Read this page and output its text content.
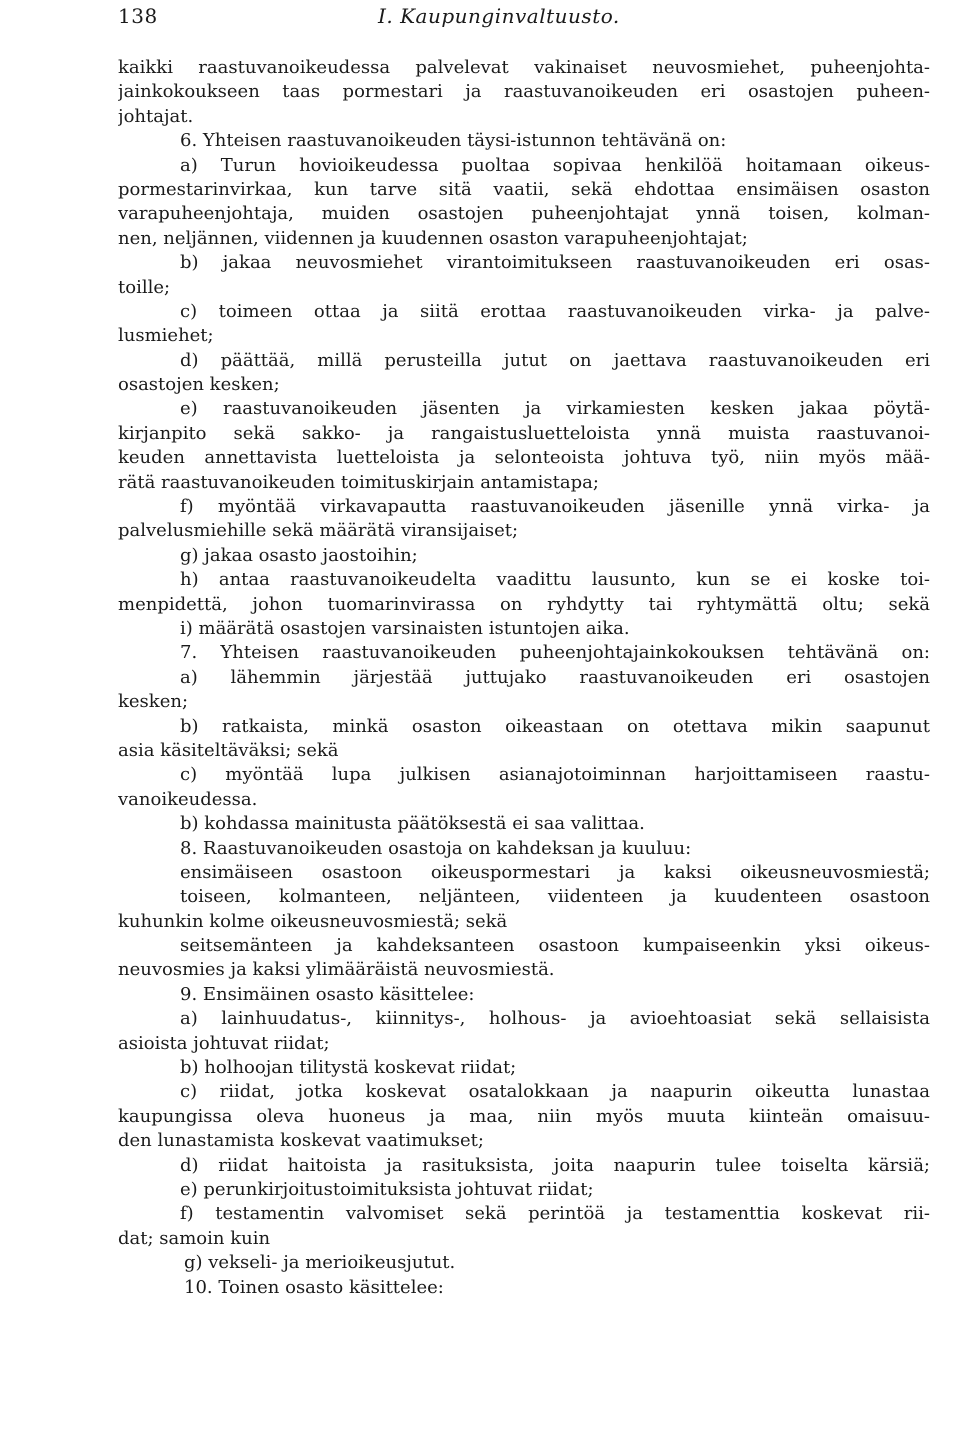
138	I. Kaupunginvaltuusto.
kaikki raastuvanoikeudessa palvelevat vakinaiset neuvosmiehet, puheenjohta-
jainkokoukseen taas pormestari ja raastuvanoikeuden eri osastojen puheen-
johtajat.
6. Yhteisen raastuvanoikeuden täysi-istunnon tehtävänä on:
a) Turun hovioikeudessa puoltaa sopivaa henkilöä hoitamaan oikeus-
pormestarinvirkaa, kun tarve sitä vaatii, sekä ehdottaa ensimäisen osaston
varapuheenjohtaja, muiden osastojen puheenjohtajat ynnä toisen, kolman-
nen, neljännen, viidennen ja kuudennen osaston varapuheenjohtajat;
b) jakaa neuvosmiehet virantoimitukseen raastuvanoikeuden eri osas-
toille;
c) toimeen ottaa ja siitä erottaa raastuvanoikeuden virka- ja palve-
lusmiehet;
d) päättää, millä perusteilla jutut on jaettava raastuvanoikeuden eri
osastojen kesken;
e) raastuvanoikeuden jäsenten ja virkamiesten kesken jakaa pöytä-
kirjanpito sekä sakko- ja rangaistusluetteloista ynnä muista raastuvanoi-
keuden annettavista luetteloista ja selonteoista johtuva työ, niin myös mää-
rätä raastuvanoikeuden toimituskirjain antamistapa;
f) myöntää virkavapautta raastuvanoikeuden jäsenille ynnä virka- ja
palvelusmiehille sekä määrätä viransijaiset;
g) jakaa osasto jaostoihin;
h) antaa raastuvanoikeudelta vaadittu lausunto, kun se ei koske toi-
menpidettä, johon tuomarinvirassa on ryhdytty tai ryhtymättä oltu; sekä
i) määrätä osastojen varsinaisten istuntojen aika.
7. Yhteisen raastuvanoikeuden puheenjohtajainkokouksen tehtävänä on:
a) lähemmin järjestää juttujako raastuvanoikeuden eri osastojen
kesken;
b) ratkaista, minkä osaston oikeastaan on otettava mikin saapunut
asia käsiteltäväksi; sekä
c) myöntää lupa julkisen asianajotoiminnan harjoittamiseen raastu-
vanoikeudessa.
b) kohdassa mainitusta päätöksestä ei saa valittaa.
8. Raastuvanoikeuden osastoja on kahdeksan ja kuuluu:
ensimäiseen osastoon oikeuspormestari ja kaksi oikeusneuvosmiestä;
toiseen, kolmanteen, neljänteen, viidenteen ja kuudenteen osastoon
kuhunkin kolme oikeusneuvosmiestä; sekä
seitsemänteen ja kahdeksanteen osastoon kumpaiseenkin yksi oikeus-
neuvosmies ja kaksi ylimääräistä neuvosmiestä.
9. Ensimäinen osasto käsittelee:
a) lainhuudatus-, kiinnitys-, holhous- ja avioehtoasiat sekä sellaisista
asioista johtuvat riidat;
b) holhoojan tilitystä koskevat riidat;
c) riidat, jotka koskevat osatalokkaan ja naapurin oikeutta lunastaa
kaupungissa oleva huoneus ja maa, niin myös muuta kiinteän omaisuu-
den lunastamista koskevat vaatimukset;
d) riidat haitoista ja rasituksista, joita naapurin tulee toiselta kärsiä;
e) perunkirjoitustoimituksista johtuvat riidat;
f) testamentin valvomiset sekä perintöä ja testamenttia koskevat rii-
dat; samoin kuin
g) vekseli- ja merioikeusjutut.
10. Toinen osasto käsittelee:
